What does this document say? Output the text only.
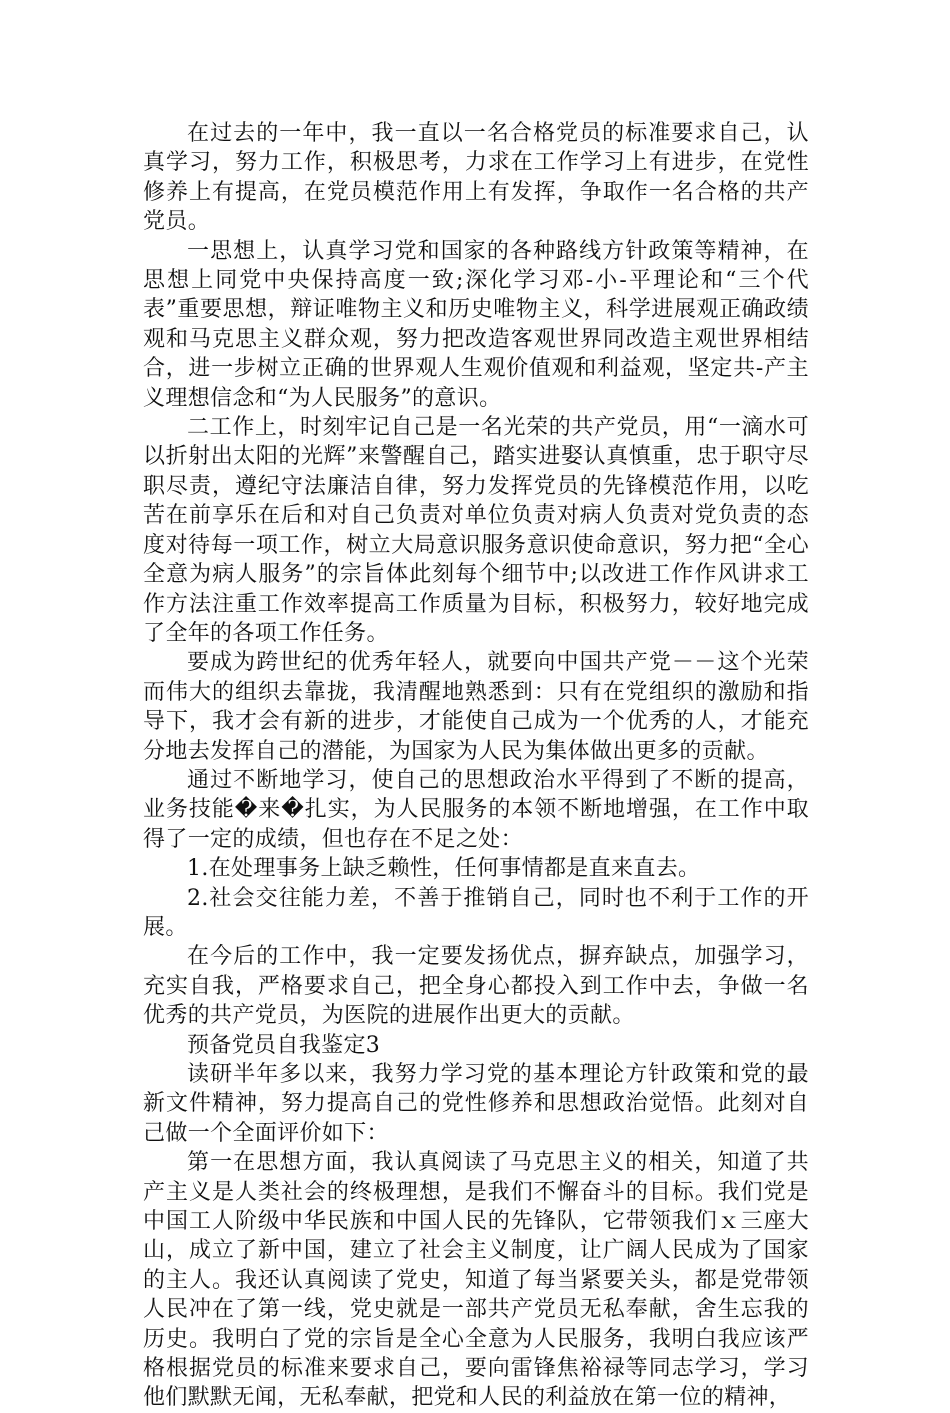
在过去的一年中，我一直以一名合格党员的标准要求自己，认真学习，努力工作，积极思考，力求在工作学习上有进步，在党性修养上有提高，在党员模范作用上有发挥，争取作一名合格的共产党员。

一思想上，认真学习党和国家的各种路线方针政策等精神，在思想上同党中央保持高度一致;深化学习邓-小-平理论和“三个代表”重要思想，辩证唯物主义和历史唯物主义，科学进展观正确政绩观和马克思主义群众观，努力把改造客观世界同改造主观世界相结合，进一步树立正确的世界观人生观价值观和利益观，坚定共-产主义理想信念和“为人民服务”的意识。

二工作上，时刻牢记自己是一名光荣的共产党员，用“一滴水可以折射出太阳的光辉”来警醒自己，踏实进娶认真慎重，忠于职守尽职尽责，遵纪守法廉洁自律，努力发挥党员的先锋模范作用，以吃苦在前享乐在后和对自己负责对单位负责对病人负责对党负责的态度对待每一项工作，树立大局意识服务意识使命意识，努力把“全心全意为病人服务”的宗旨体此刻每个细节中;以改进工作作风讲求工作方法注重工作效率提高工作质量为目标，积极努力，较好地完成了全年的各项工作任务。

要成为跨世纪的优秀年轻人，就要向中国共产党－－这个光荣而伟大的组织去靠拢，我清醒地熟悉到：只有在党组织的激励和指导下，我才会有新的进步，才能使自己成为一个优秀的人，才能充分地去发挥自己的潜能，为国家为人民为集体做出更多的贡献。

通过不断地学习，使自己的思想政治水平得到了不断的提高，业务技能�来�扎实，为人民服务的本领不断地增强，在工作中取得了一定的成绩，但也存在不足之处：

1.在处理事务上缺乏赖性，任何事情都是直来直去。

2.社会交往能力差，不善于推销自己，同时也不利于工作的开展。

在今后的工作中，我一定要发扬优点，摒弃缺点，加强学习，充实自我，严格要求自己，把全身心都投入到工作中去，争做一名优秀的共产党员，为医院的进展作出更大的贡献。

预备党员自我鉴定3

读研半年多以来，我努力学习党的基本理论方针政策和党的最新文件精神，努力提高自己的党性修养和思想政治觉悟。此刻对自己做一个全面评价如下：

第一在思想方面，我认真阅读了马克思主义的相关，知道了共产主义是人类社会的终极理想，是我们不懈奋斗的目标。我们党是中国工人阶级中华民族和中国人民的先锋队，它带领我们ｘ三座大山，成立了新中国，建立了社会主义制度，让广阔人民成为了国家的主人。我还认真阅读了党史，知道了每当紧要关头，都是党带领人民冲在了第一线，党史就是一部共产党员无私奉献，舍生忘我的历史。我明白了党的宗旨是全心全意为人民服务，我明白我应该严格根据党员的标准来要求自己，要向雷锋焦裕禄等同志学习，学习他们默默无闻，无私奉献，把党和人民的利益放在第一位的精神，
